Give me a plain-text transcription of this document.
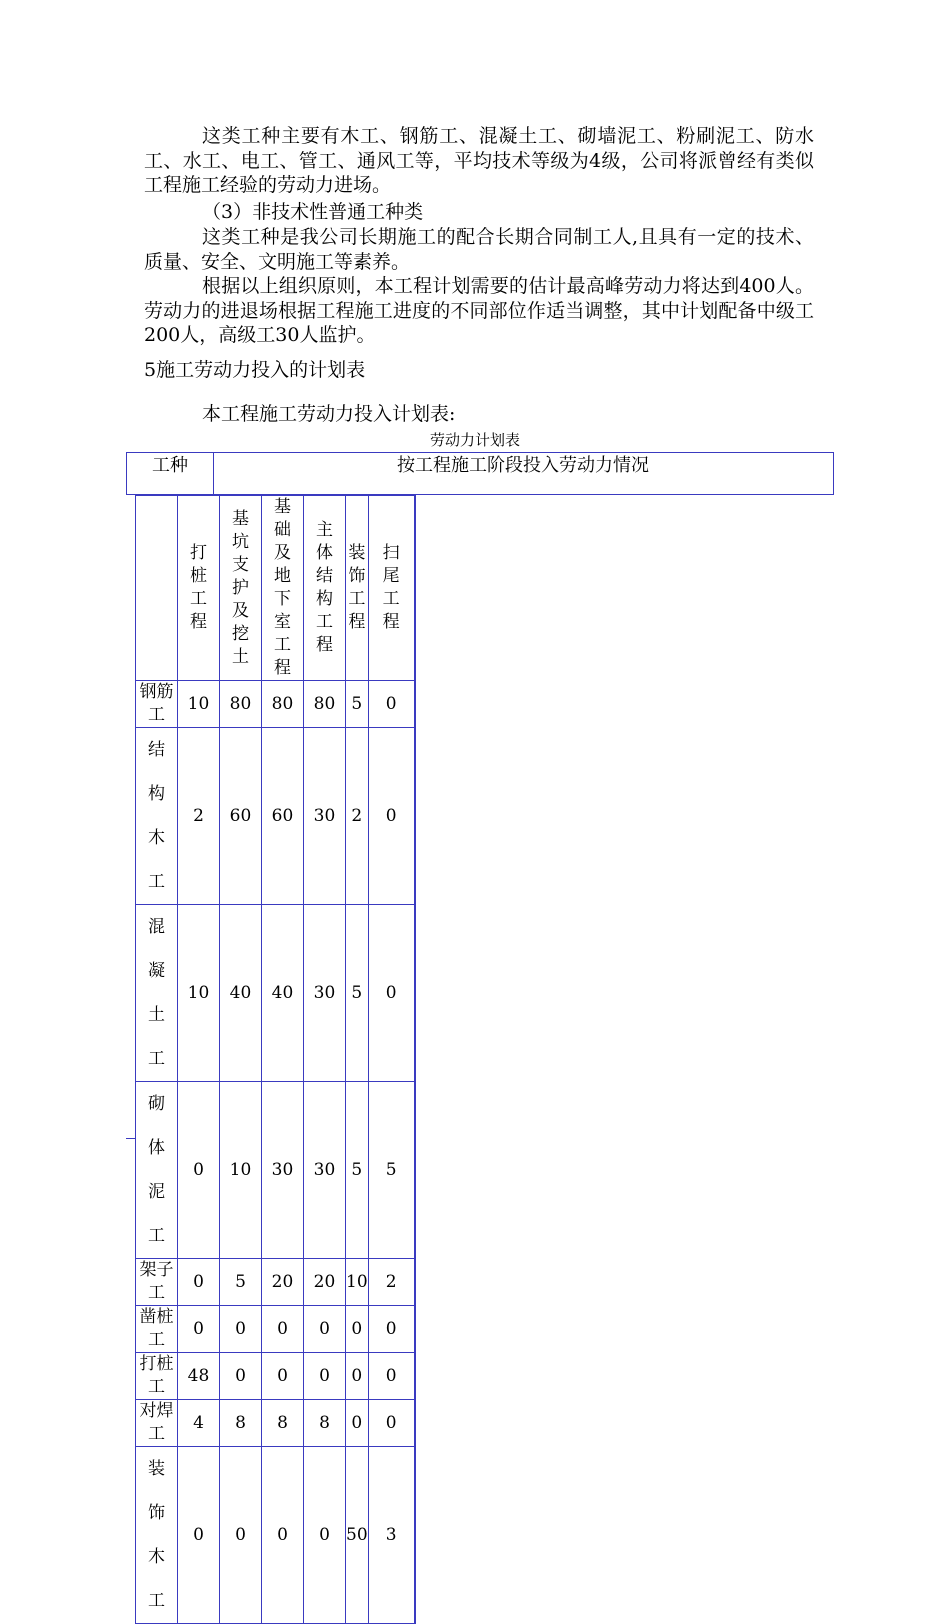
这类工种主要有木工、钢筋工、混凝土工、砌墙泥工、粉刷泥工、防水工、水工、电工、管工、通风工等，平均技术等级为4级，公司将派曾经有类似工程施工经验的劳动力进场。

（3）非技术性普通工种类

这类工种是我公司长期施工的配合长期合同制工人,且具有一定的技术、质量、安全、文明施工等素养。

根据以上组织原则，本工程计划需要的估计最高峰劳动力将达到400人。劳动力的进退场根据工程施工进度的不同部位作适当调整，其中计划配备中级工200人，高级工30人监护。

5施工劳动力投入的计划表
本工程施工劳动力投入计划表:
劳动力计划表
工种	按工程施工阶段投入劳动力情况
	打桩工程	基坑支护及挖土	基础及地下室工程	主体结构工程	装饰工程	扫尾工程	
钢筋工	10	80	80	80	5	0	
结构木工	2	60	60	30	2	0	
混凝土工	10	40	40	30	5	0	
砌体泥工	0	10	30	30	5	5	
架子工	0	5	20	20	10	2	
凿桩工	0	0	0	0	0	0	
打桩工	48	0	0	0	0	0	
对焊工	4	8	8	8	0	0	
装饰木工	0	0	0	0	50	3	
